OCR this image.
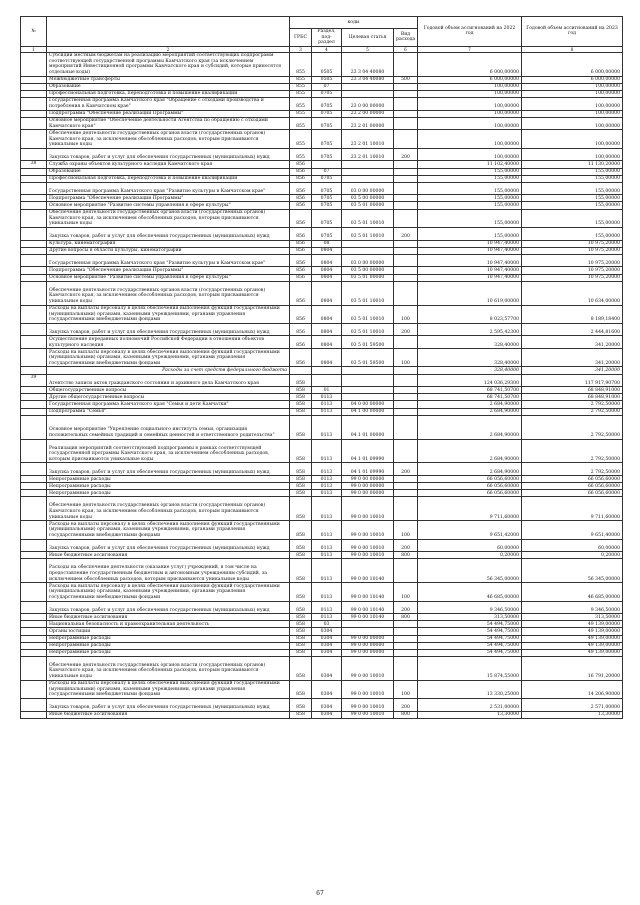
№		коды				Годовой объем ассигнований на 2022 год	Годовой объем ассигнований на 2023 год
		ГРБС	Раздел, под-раздел	Целевая статья	Вид расхода		
1	2	3	4	5	6	7	8
	Субсидии местным бюджетам на реализацию мероприятий соответствующих подпрограмм соответствующей государственной программы Камчатского края (за исключением мероприятий Инвестиционной программы Камчатского края и субсидий, которые приносятся отдельные коды)	855	0505	23 3 04 40080		6 000,00000	6 000,00000
	Межбюджетные трансферты	855	0505	23 3 04 40080	500	6 000,00000	6 000,00000
	Образование	855	07			100,00000	100,00000
	Профессиональная подготовка, переподготовка и повышение квалификации	855	0705			100,00000	100,00000
	Государственная программа Камчатского края "Обращение с отходами производства и потребления в Камчатском крае"	855	0705	23 0 00 00000		100,00000	100,00000
	Подпрограмма "Обеспечение реализации Программы"	855	0705	23 2 00 00000		100,00000	100,00000
	Основное мероприятие "Обеспечение деятельности Агентства по обращению с отходами Камчатского края"	855	0705	23 2 01 00000		100,00000	100,00000
	Обеспечение деятельности государственных органов власти (государственных органов) Камчатского края, за исключением обособленных расходов, которым присваиваются уникальные коды	855	0705	23 2 01 10010		100,00000	100,00000
	Закупка товаров, работ и услуг для обеспечения государственных (муниципальных) нужд	855	0705	23 2 01 10010	200	100,00000	100,00000
38	Служба охраны объектов культурного наследия Камчатского края	856				11 102,40000	11 130,20000
	Образование	856	07			155,00000	155,00000
	Профессиональная подготовка, переподготовка и повышение квалификации	856	0705			155,00000	155,00000
	Государственная программа Камчатского края "Развитие культуры в Камчатском крае"	856	0705	03 0 00 00000		155,00000	155,00000
	Подпрограмма "Обеспечение реализации Программы"	856	0705	03 5 00 00000		155,00000	155,00000
	Основное мероприятие "Развитие системы управления в сфере культуры"	856	0705	03 5 01 00000		155,00000	155,00000
	Обеспечение деятельности государственных органов власти (государственных органов) Камчатского края, за исключением обособленных расходов, которым присваиваются уникальные коды	856	0705	03 5 01 10010		155,00000	155,00000
	Закупка товаров, работ и услуг для обеспечения государственных (муниципальных) нужд	856	0705	03 5 01 10010	200	155,00000	155,00000
	Культура, кинематография	856	08			10 947,40000	10 975,20000
	Другие вопросы в области культуры, кинематографии	856	0804			10 947,40000	10 975,20000
	Государственная программа Камчатского края "Развитие культуры в Камчатском крае"	856	0804	03 0 00 00000		10 947,40000	10 975,20000
	Подпрограмма "Обеспечение реализации Программы"	856	0804	03 5 00 00000		10 947,40000	10 975,20000
	Основное мероприятие "Развитие системы управления в сфере культуры"	856	0804	03 5 01 00000		10 947,40000	10 975,20000
	Обеспечение деятельности государственных органов власти (государственных органов) Камчатского края, за исключением обособленных расходов, которым присваиваются уникальные коды	856	0804	03 5 01 10010		10 619,00000	10 634,00000
	Расходы на выплаты персоналу в целях обеспечения выполнения функций государственными (муниципальными) органами, казенными учреждениями, органами управления государственными внебюджетными фондами	856	0804	03 5 01 10010	100	8 023,57700	8 189,18400
	Закупка товаров, работ и услуг для обеспечения государственных (муниципальных) нужд	856	0804	03 5 01 10010	200	2 595,42300	2 444,81600
	Осуществление переданных полномочий Российской Федерации в отношении объектов культурного наследия	856	0804	03 5 01 59500		328,40000	341,20000
	Расходы на выплаты персоналу в целях обеспечения выполнения функций государственными (муниципальными) органами, казенными учреждениями, органами управления государственными внебюджетными фондами	856	0804	03 5 01 59500	100	328,40000	341,20000
	Расходы за счет средств федерального бюджета					328,40000	341,20000
39	Агентство записи актов гражданского состояния и архивного дела Камчатского края	858				124 036,29300	117 917,90700
	Общегосударственные вопросы	858	01			68 741,50700	68 848,91000
	Другие общегосударственные вопросы	858	0113			68 741,50700	68 848,91000
	Государственная программа Камчатского края "Семья и дети Камчатки"	858	0113	04 0 00 00000		2 684,90000	2 792,50000
	Подпрограмма "Семья"	858	0113	04 1 00 00000		2 684,90000	2 792,50000
	Основное мероприятие "Укрепление социального института семьи, организация положительных семейных традиций и семейных ценностей и ответственного родительства"	858	0113	04 1 01 00000		2 684,90000	2 792,50000
	Реализация мероприятий соответствующей подпрограммы в рамках соответствующей государственной программы Камчатского края, за исключением обособленных расходов, которым присваиваются уникальные коды	858	0113	04 1 01 09990		2 684,90000	2 792,50000
	Закупка товаров, работ и услуг для обеспечения государственных (муниципальных) нужд	858	0113	04 1 01 09990	200	2 684,90000	2 792,50000
	Непрограммные расходы	858	0113	99 0 00 00000		66 056,60000	66 056,60000
	Непрограммные расходы	858	0113	99 0 00 00000		66 056,60000	66 056,60000
	Непрограммные расходы	858	0113	99 0 00 00000		66 056,60000	66 056,60000
	Обеспечение деятельности государственных органов власти (государственных органов) Камчатского края, за исключением обособленных расходов, которым присваиваются уникальные коды	858	0113	99 0 00 10010		9 711,60000	9 711,60000
	Расходы на выплаты персоналу в целях обеспечения выполнения функций государственными (муниципальными) органами, казенными учреждениями, органами управления государственными внебюджетными фондами	858	0113	99 0 00 10010	100	9 651,42000	9 651,40000
	Закупка товаров, работ и услуг для обеспечения государственных (муниципальных) нужд	858	0113	99 0 00 10010	200	60,00000	60,00000
	Иные бюджетные ассигнования	858	0113	99 0 00 10010	800	0,20000	0,20000
	Расходы на обеспечение деятельности (оказание услуг) учреждений, в том числе на предоставление государственным бюджетным и автономным учреждениям субсидий, за исключением обособленных расходов, которым присваиваются уникальные коды	858	0113	99 0 00 10140		56 345,00000	56 345,00000
	Расходы на выплаты персоналу в целях обеспечения выполнения функций государственными (муниципальными) органами, казенными учреждениями, органами управления государственными внебюджетными фондами	858	0113	99 0 00 10140	100	46 685,00000	46 685,00000
	Закупка товаров, работ и услуг для обеспечения государственных (муниципальных) нужд	858	0113	99 0 00 10140	200	9 346,50000	9 346,50000
	Иные бюджетные ассигнования	858	0113	99 0 00 10140	800	313,50000	313,50000
	Национальная безопасность и правоохранительная деятельность	858	03			54 494,75000	49 139,00000
	Органы юстиции	858	0304			54 494,75000	49 139,00000
	Непрограммные расходы	858	0304	99 0 00 00000		54 494,75000	49 139,00000
	Непрограммные расходы	858	0304	99 0 00 00000		54 494,75000	49 139,00000
	Непрограммные расходы	858	0304	99 0 00 00000		54 494,75000	49 139,00000
	Обеспечение деятельности государственных органов власти (государственных органов) Камчатского края, за исключением обособленных расходов, которым присваиваются уникальные коды	858	0304	99 0 00 10010		15 874,55000	16 791,20000
	Расходы на выплаты персоналу в целях обеспечения выполнения функций государственными (муниципальными) органами, казенными учреждениями, органами управления государственными внебюджетными фондами	858	0304	99 0 00 10010	100	13 330,25000	14 206,90000
	Закупка товаров, работ и услуг для обеспечения государственных (муниципальных) нужд	858	0304	99 0 00 10010	200	2 531,00000	2 571,00000
	Иные бюджетные ассигнования	858	0304	99 0 00 10010	800	13,30000	13,30000
67
